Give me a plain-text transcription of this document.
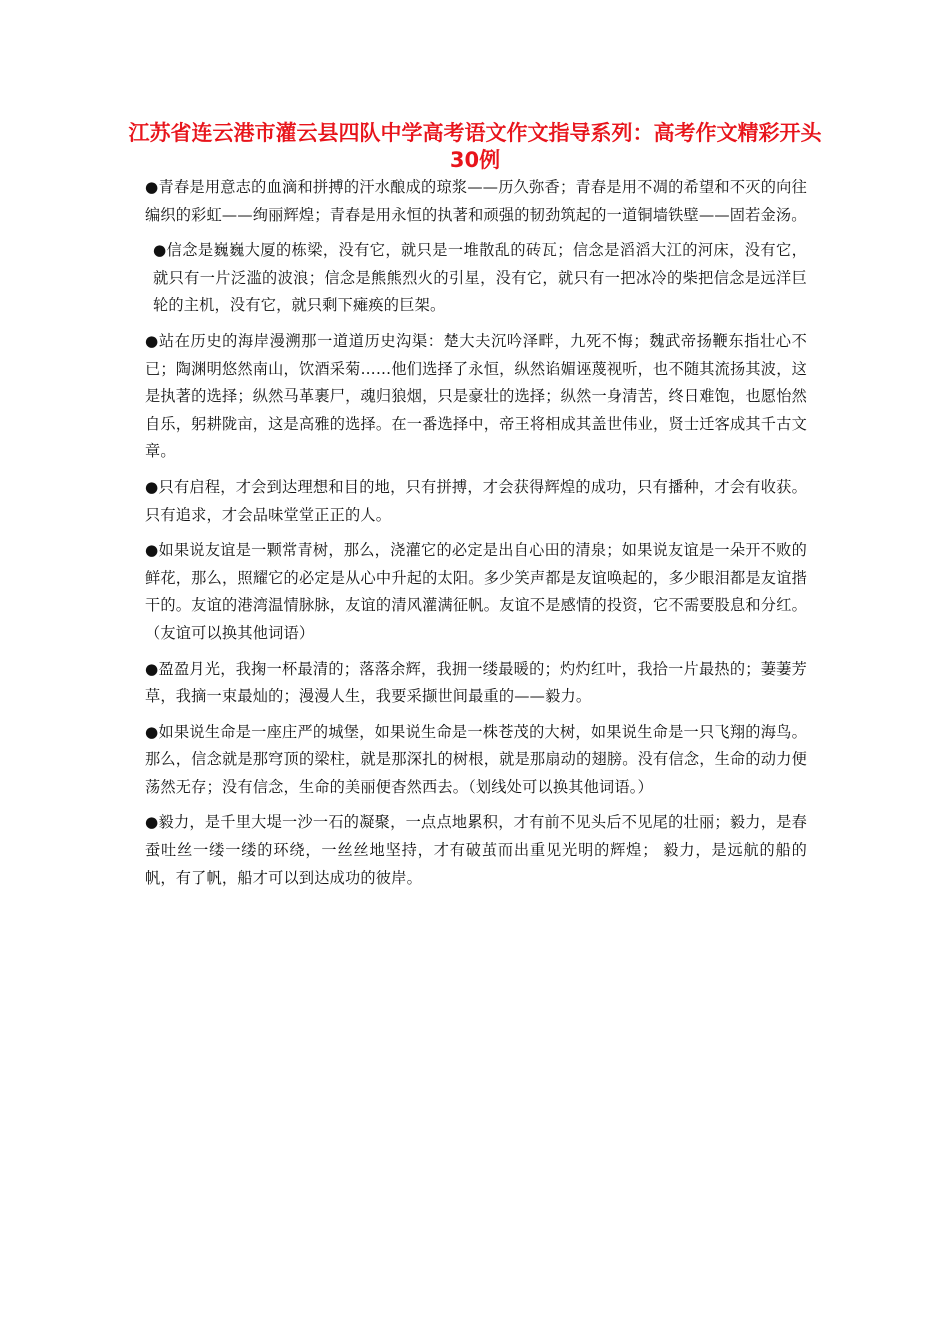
江苏省连云港市灌云县四队中学高考语文作文指导系列：高考作文精彩开头30例

●青春是用意志的血滴和拼搏的汗水酿成的琼浆——历久弥香；青春是用不凋的希望和不灭的向往编织的彩虹——绚丽辉煌；青春是用永恒的执著和顽强的韧劲筑起的一道铜墙铁壁——固若金汤。

●信念是巍巍大厦的栋梁，没有它，就只是一堆散乱的砖瓦；信念是滔滔大江的河床，没有它，就只有一片泛滥的波浪；信念是熊熊烈火的引星，没有它，就只有一把冰冷的柴把信念是远洋巨轮的主机，没有它，就只剩下瘫痪的巨架。

●站在历史的海岸漫溯那一道道历史沟渠：楚大夫沉吟泽畔，九死不悔；魏武帝扬鞭东指壮心不已；陶渊明悠然南山，饮酒采菊……他们选择了永恒，纵然谄媚诬蔑视听，也不随其流扬其波，这是执著的选择；纵然马革裹尸，魂归狼烟，只是豪壮的选择；纵然一身清苦，终日难饱，也愿怡然自乐，躬耕陇亩，这是高雅的选择。在一番选择中，帝王将相成其盖世伟业，贤士迁客成其千古文章。

●只有启程，才会到达理想和目的地，只有拼搏，才会获得辉煌的成功，只有播种，才会有收获。只有追求，才会品味堂堂正正的人。

●如果说友谊是一颗常青树，那么，浇灌它的必定是出自心田的清泉；如果说友谊是一朵开不败的鲜花，那么，照耀它的必定是从心中升起的太阳。多少笑声都是友谊唤起的，多少眼泪都是友谊揩干的。友谊的港湾温情脉脉，友谊的清风灌满征帆。友谊不是感情的投资，它不需要股息和分红。（友谊可以换其他词语）

●盈盈月光，我掬一杯最清的；落落余辉，我拥一缕最暖的；灼灼红叶，我拾一片最热的；萋萋芳草，我摘一束最灿的；漫漫人生，我要采撷世间最重的——毅力。

●如果说生命是一座庄严的城堡，如果说生命是一株苍茂的大树，如果说生命是一只飞翔的海鸟。那么，信念就是那穹顶的梁柱，就是那深扎的树根，就是那扇动的翅膀。没有信念，生命的动力便荡然无存；没有信念，生命的美丽便杳然西去。（划线处可以换其他词语。）

●毅力，是千里大堤一沙一石的凝聚，一点点地累积，才有前不见头后不见尾的壮丽；毅力，是春蚕吐丝一缕一缕的环绕，一丝丝地坚持，才有破茧而出重见光明的辉煌； 毅力，是远航的船的帆，有了帆，船才可以到达成功的彼岸。
